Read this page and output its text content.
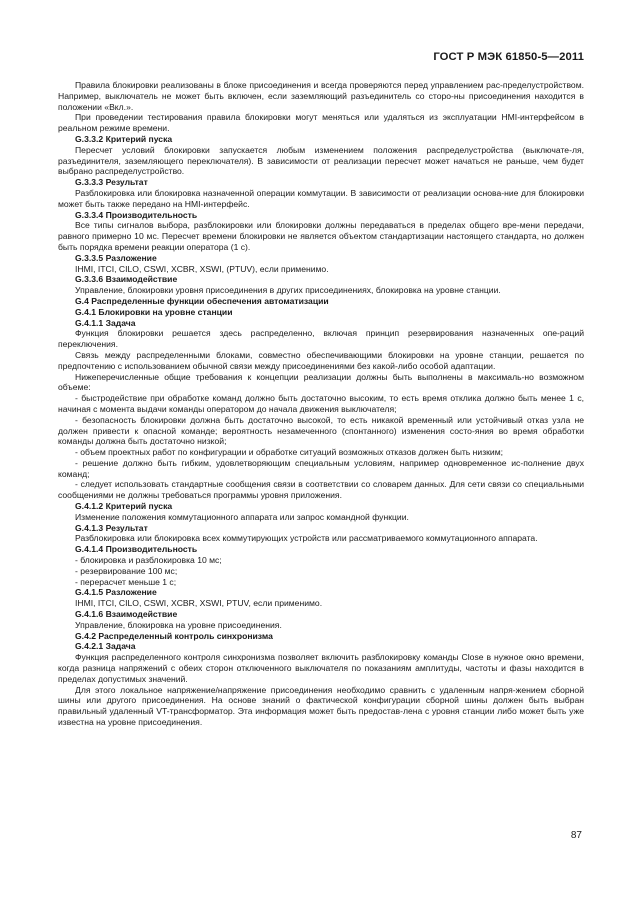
ГОСТ Р МЭК 61850-5—2011

Правила блокировки реализованы в блоке присоединения и всегда проверяются перед управлением рас-пределустройством. Например, выключатель не может быть включен, если заземляющий разъединитель со сторо-ны присоединения находится в положении «Вкл.».

При проведении тестирования правила блокировки могут меняться или удаляться из эксплуатации HMI-интерфейсом в реальном режиме времени.

G.3.3.2 Критерий пуска

Пересчет условий блокировки запускается любым изменением положения распределустройства (выключате-ля, разъединителя, заземляющего переключателя). В зависимости от реализации пересчет может начаться не раньше, чем будет выбрано распределустройство.

G.3.3.3 Результат

Разблокировка или блокировка назначенной операции коммутации. В зависимости от реализации основа-ние для блокировки может быть также передано на HMI-интерфейс.

G.3.3.4 Производительность

Все типы сигналов выбора, разблокировки или блокировки должны передаваться в пределах общего вре-мени передачи, равного примерно 10 мс. Пересчет времени блокировки не является объектом стандартизации настоящего стандарта, но должен быть порядка времени реакции оператора (1 с).

G.3.3.5 Разложение

IHMI, ITCI, CILO, CSWI, XCBR, XSWI, (PTUV), если применимо.

G.3.3.6 Взаимодействие

Управление, блокировки уровня присоединения в других присоединениях, блокировка на уровне станции.

G.4 Распределенные функции обеспечения автоматизации

G.4.1 Блокировки на уровне станции

G.4.1.1 Задача

Функция блокировки решается здесь распределенно, включая принцип резервирования назначенных опе-раций переключения.

Связь между распределенными блоками, совместно обеспечивающими блокировки на уровне станции, решается по предпочтению с использованием обычной связи между присоединениями без какой-либо особой адаптации.

Нижеперечисленные общие требования к концепции реализации должны быть выполнены в максималь-но возможном объеме:

- быстродействие при обработке команд должно быть достаточно высоким, то есть время отклика должно быть менее 1 с, начиная с момента выдачи команды оператором до начала движения выключателя;

- безопасность блокировки должна быть достаточно высокой, то есть никакой временный или устойчивый отказ узла не должен привести к опасной команде; вероятность незамеченного (спонтанного) изменения состо-яния во время обработки команды должна быть достаточно низкой;

- объем проектных работ по конфигурации и обработке ситуаций возможных отказов должен быть низким;

- решение должно быть гибким, удовлетворяющим специальным условиям, например одновременное ис-полнение двух команд;

- следует использовать стандартные сообщения связи в соответствии со словарем данных. Для сети связи со специальными сообщениями не должны требоваться программы уровня приложения.

G.4.1.2 Критерий пуска

Изменение положения коммутационного аппарата или запрос командной функции.

G.4.1.3 Результат

Разблокировка или блокировка всех коммутирующих устройств или рассматриваемого коммутационного аппарата.

G.4.1.4 Производительность

- блокировка и разблокировка 10 мс;

- резервирование 100 мс;

- перерасчет меньше 1 с;

G.4.1.5 Разложение

IHMI, ITCI, CILO, CSWI, XCBR, XSWI, PTUV, если применимо.

G.4.1.6 Взаимодействие

Управление, блокировка на уровне присоединения.

G.4.2 Распределенный контроль синхронизма

G.4.2.1 Задача

Функция распределенного контроля синхронизма позволяет включить разблокировку команды Close в нужное окно времени, когда разница напряжений с обеих сторон отключенного выключателя по показаниям амплитуды, частоты и фазы находится в пределах допустимых значений.

Для этого локальное напряжение/напряжение присоединения необходимо сравнить с удаленным напря-жением сборной шины или другого присоединения. На основе знаний о фактической конфигурации сборной шины должен быть выбран правильный удаленный VT-трансформатор. Эта информация может быть предостав-лена с уровня станции либо может быть уже известна на уровне присоединения.

87
